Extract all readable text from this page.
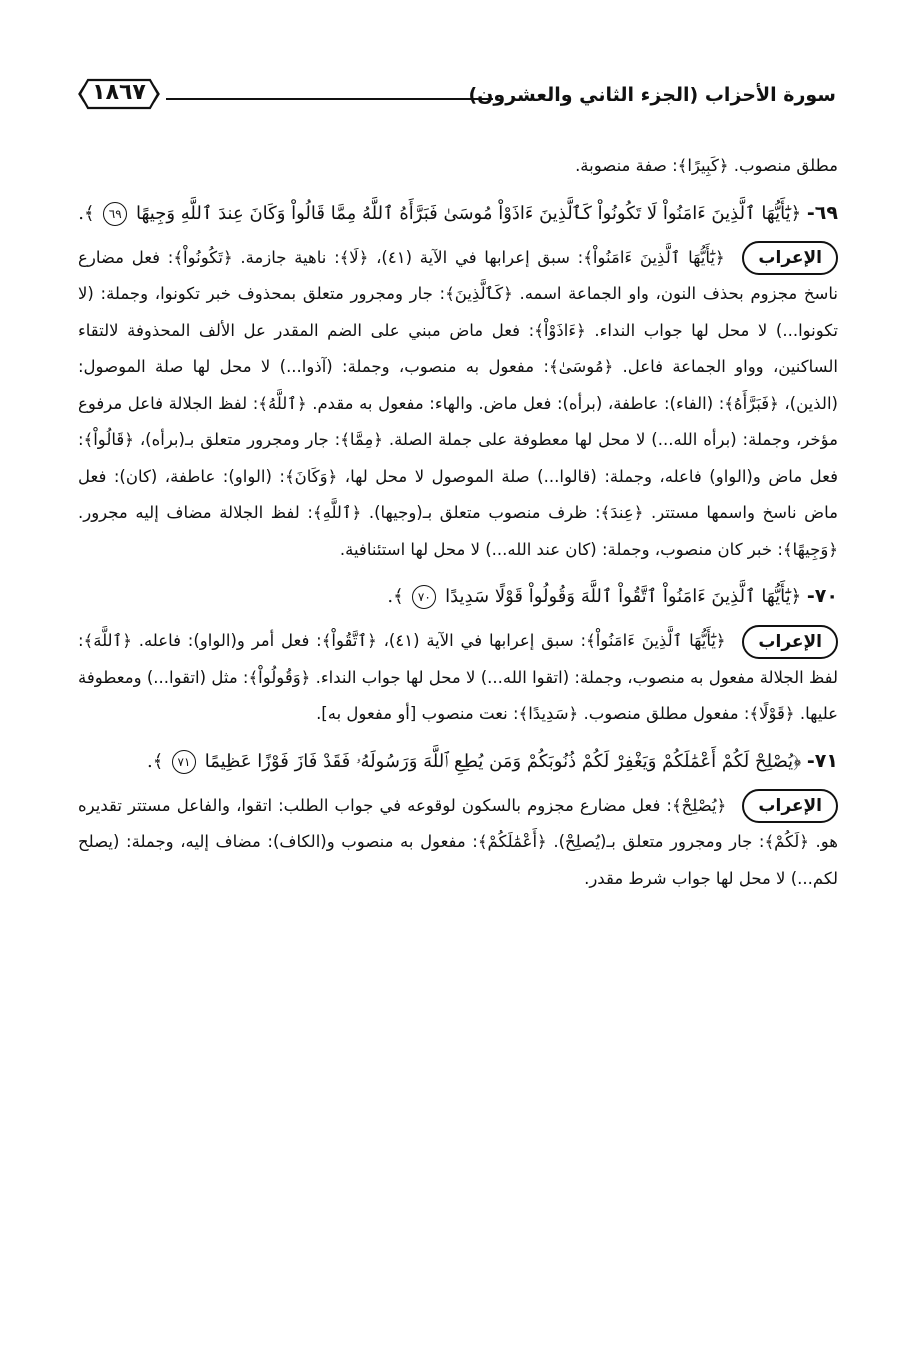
سورة الأحزاب (الجزء الثاني والعشرون)
١٨٦٧

مطلق منصوب. ﴿كَبِيرًا﴾: صفة منصوبة.

٦٩- ﴿يَٰٓأَيُّهَا ٱلَّذِينَ ءَامَنُواْ لَا تَكُونُواْ كَٱلَّذِينَ ءَاذَوْاْ مُوسَىٰ فَبَرَّأَهُ ٱللَّهُ مِمَّا قَالُواْ وَكَانَ عِندَ ٱللَّهِ وَجِيهًا ٦٩ ﴾.

الإعراب ﴿يَٰٓأَيُّهَا ٱلَّذِينَ ءَامَنُواْ﴾: سبق إعرابها في الآية (٤١)، ﴿لَا﴾: ناهية جازمة. ﴿تَكُونُواْ﴾: فعل مضارع ناسخ مجزوم بحذف النون، واو الجماعة اسمه. ﴿كَٱلَّذِينَ﴾: جار ومجرور متعلق بمحذوف خبر تكونوا، وجملة: (لا تكونوا...) لا محل لها جواب النداء. ﴿ءَاذَوْاْ﴾: فعل ماض مبني على الضم المقدر عل الألف المحذوفة لالتقاء الساكنين، وواو الجماعة فاعل. ﴿مُوسَىٰ﴾: مفعول به منصوب، وجملة: (آذوا...) لا محل لها صلة الموصول: (الذين)، ﴿فَبَرَّأَهُ﴾: (الفاء): عاطفة، (برأه): فعل ماض. والهاء: مفعول به مقدم. ﴿ٱللَّهُ﴾: لفظ الجلالة فاعل مرفوع مؤخر، وجملة: (برأه الله...) لا محل لها معطوفة على جملة الصلة. ﴿مِمَّا﴾: جار ومجرور متعلق بـ(برأه)، ﴿قَالُواْ﴾: فعل ماض و(الواو) فاعله، وجملة: (قالوا...) صلة الموصول لا محل لها، ﴿وَكَانَ﴾: (الواو): عاطفة، (كان): فعل ماض ناسخ واسمها مستتر. ﴿عِندَ﴾: ظرف منصوب متعلق بـ(وجيها). ﴿ٱللَّهِ﴾: لفظ الجلالة مضاف إليه مجرور. ﴿وَجِيهًا﴾: خبر كان منصوب، وجملة: (كان عند الله...) لا محل لها استئنافية.

٧٠- ﴿يَٰٓأَيُّهَا ٱلَّذِينَ ءَامَنُواْ ٱتَّقُواْ ٱللَّهَ وَقُولُواْ قَوْلًا سَدِيدًا ٧٠ ﴾.

الإعراب ﴿يَٰٓأَيُّهَا ٱلَّذِينَ ءَامَنُواْ﴾: سبق إعرابها في الآية (٤١)، ﴿ٱتَّقُواْ﴾: فعل أمر و(الواو): فاعله. ﴿ٱللَّهَ﴾: لفظ الجلالة مفعول به منصوب، وجملة: (اتقوا الله...) لا محل لها جواب النداء. ﴿وَقُولُواْ﴾: مثل (اتقوا...) ومعطوفة عليها. ﴿قَوْلًا﴾: مفعول مطلق منصوب. ﴿سَدِيدًا﴾: نعت منصوب [أو مفعول به].

٧١- ﴿يُصْلِحْ لَكُمْ أَعْمَٰلَكُمْ وَيَغْفِرْ لَكُمْ ذُنُوبَكُمْ وَمَن يُطِعِ ٱللَّهَ وَرَسُولَهُۥ فَقَدْ فَازَ فَوْزًا عَظِيمًا ٧١ ﴾.

الإعراب ﴿يُصْلِحْ﴾: فعل مضارع مجزوم بالسكون لوقوعه في جواب الطلب: اتقوا، والفاعل مستتر تقديره هو. ﴿لَكُمْ﴾: جار ومجرور متعلق بـ(يُصلِحْ). ﴿أَعْمَٰلَكُمْ﴾: مفعول به منصوب و(الكاف): مضاف إليه، وجملة: (يصلح لكم...) لا محل لها جواب شرط مقدر.
